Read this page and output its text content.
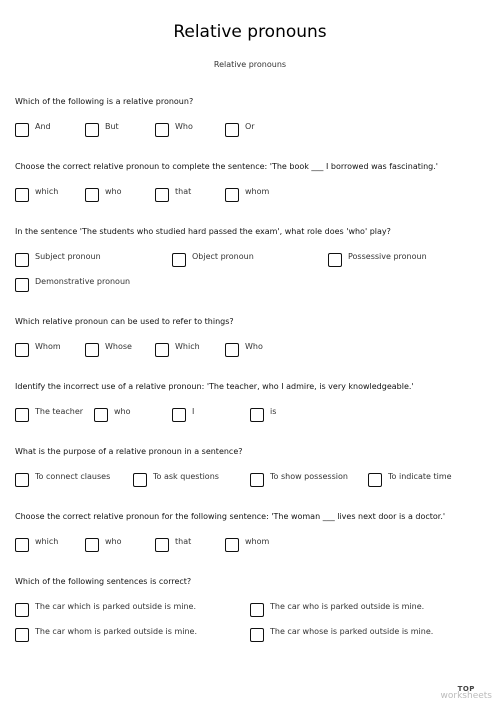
Relative pronouns
Relative pronouns
Which of the following is a relative pronoun?
And	But	Who	Or
Choose the correct relative pronoun to complete the sentence: 'The book ___ I borrowed was fascinating.'
which	who	that	whom
In the sentence 'The students who studied hard passed the exam', what role does 'who' play?
Subject pronoun	Object pronoun	Possessive pronoun
Demonstrative pronoun
Which relative pronoun can be used to refer to things?
Whom	Whose	Which	Who
Identify the incorrect use of a relative pronoun: 'The teacher, who I admire, is very knowledgeable.'
The teacher	who	I	is
What is the purpose of a relative pronoun in a sentence?
To connect clauses	To ask questions	To show possession	To indicate time
Choose the correct relative pronoun for the following sentence: 'The woman ___ lives next door is a doctor.'
which	who	that	whom
Which of the following sentences is correct?
The car which is parked outside is mine.	The car who is parked outside is mine.
The car whom is parked outside is mine.	The car whose is parked outside is mine.
TOP
worksheets
